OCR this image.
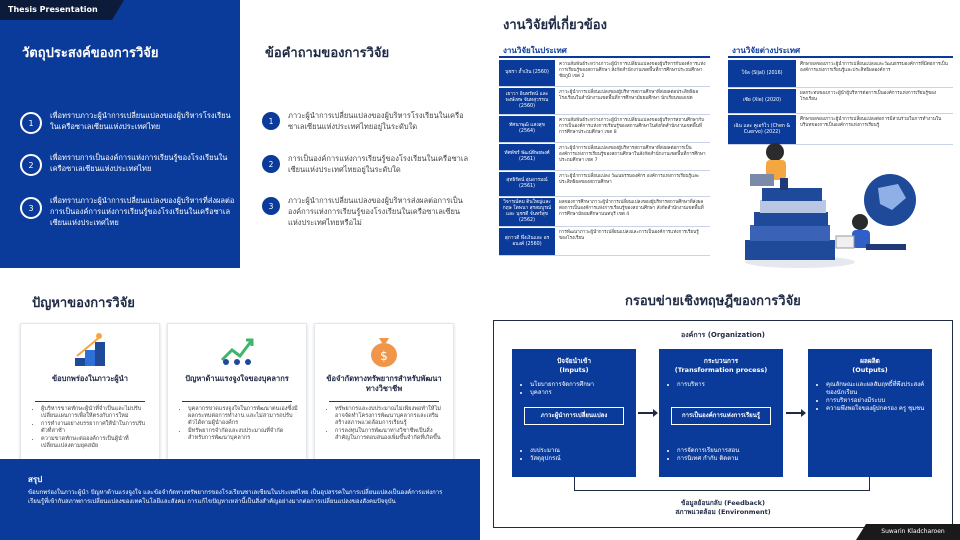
วัตถุประสงค์ของการวิจัย
1

เพื่อทราบภาวะผู้นำการเปลี่ยนแปลงของผู้บริหารโรงเรียนในเครือซาเลเซียนแห่งประเทศไทย

2

เพื่อทราบการเป็นองค์การแห่งการเรียนรู้ของโรงเรียนในเครือซาเลเซียนแห่งประเทศไทย

3

เพื่อทราบภาวะผู้นำการเปลี่ยนแปลงของผู้บริหารที่ส่งผลต่อการเป็นองค์การแห่งการเรียนรู้ของโรงเรียนในเครือซาเลเซียนแห่งประเทศไทย

Thesis Presentation
ข้อคำถามของการวิจัย
1

ภาวะผู้นำการเปลี่ยนแปลงของผู้บริหารโรงเรียนในเครือซาเลเซียนแห่งประเทศไทยอยู่ในระดับใด

2

การเป็นองค์การแห่งการเรียนรู้ของโรงเรียนในเครือซาเลเซียนแห่งประเทศไทยอยู่ในระดับใด

3

ภาวะผู้นำการเปลี่ยนแปลงของผู้บริหารส่งผลต่อการเป็นองค์การแห่งการเรียนรู้ของโรงเรียนในเครือซาเลเซียนแห่งประเทศไทยหรือไม่

งานวิจัยที่เกี่ยวข้อง
งานวิจัยในประเทศ	งานวิจัยต่างประเทศ
นุชรา ถ้ำเงิน (2560)
ความสัมพันธ์ระหว่างภาวะผู้นำการเปลี่ยนแปลงของผู้บริหารกับองค์การแห่งการเรียนรู้ของสถานศึกษา สังกัดสำนักงานเขตพื้นที่การศึกษาประถมศึกษาชัยภูมิ เขต 2
เยาวา อินทรัตน์ และ พงษ์เทพ จันทสุวรรณ (2560)
ภาวะผู้นำการเปลี่ยนแปลงของผู้บริหารสถานศึกษาที่ส่งผลต่อประสิทธิผลโรงเรียนในสำนักงานเขตพื้นที่การศึกษามัธยมศึกษา นักเรียนของเขต
ทัศนาพุฒิ แสงสุข (2564)
ความสัมพันธ์ระหว่างภาวะผู้นำการเปลี่ยนแปลงของผู้บริหารสถานศึกษากับการเป็นองค์การแห่งการเรียนรู้ของสถานศึกษาในสังกัดสำนักงานเขตพื้นที่การศึกษาประถมศึกษา เขต 8
ทัศพัชร์ พัฒน์ทิพยพงศ์ (2561)
ภาวะผู้นำการเปลี่ยนแปลงของผู้บริหารสถานศึกษาที่ส่งผลต่อการเป็นองค์การแห่งการเรียนรู้ของสถานศึกษาในสังกัดสำนักงานเขตพื้นที่การศึกษาประถมศึกษา เขต 7
สุทธิรัตน์ อุ่นอารมณ์ (2561)
ภาวะผู้นำการเปลี่ยนแปลง วัฒนธรรมองค์กร องค์การแห่งการเรียนรู้และประสิทธิผลของสถานศึกษา
วิจารณ์คม ดินใหญ่และกฤษ โตพนา สุรสมบูรณ์ และ นุชรดี จันทร์สุข (2562)
ผลของการศึกษาภาวะผู้นำการเปลี่ยนแปลงของผู้บริหารสถานศึกษาที่ส่งผลต่อการเป็นองค์การแห่งการเรียนรู้ของสถานศึกษา สังกัดสำนักงานเขตพื้นที่การศึกษามัธยมศึกษานนทบุรี เขต 4
สุภาวดี พึ่งเงินและ อรอนงค์ (2560)
การพัฒนาภาวะผู้นำการเปลี่ยนแปลงและการเป็นองค์การแห่งการเรียนรู้ของโรงเรียน
โจ้ล (Sijal) (2016)
ศึกษาผลของภาวะผู้นำการเปลี่ยนแปลงและวัฒนธรรมองค์การที่มีต่อการเป็นองค์การแห่งการเรียนรู้และประสิทธิผลองค์การ
เซีย (Xie) (2020)
ผลกระทบของภาวะผู้นำผู้บริหารต่อการเป็นองค์การแห่งการเรียนรู้ของโรงเรียน
เฉิน และ คูเอร์โว (Chen & Cuervo) (2022)
ศึกษาผลของภาวะผู้นำการเปลี่ยนแปลงต่อการมีส่วนร่วมในการทำงานในบริบทของการเป็นองค์การแห่งการเรียนรู้
ปัญหาของการวิจัย
ข้อบกพร่องในภาวะผู้นำ
• ผู้บริหารขาดทักษะผู้นำที่จำเป็นและไม่ปรับเปลี่ยนแผนการเพื่อให้ตรงกับการใหม่
• การทำงานอย่างบรรยากาศให้นำในการปรับตัวที่ล่าช้า
• ความขาดทักษะต่อองค์การเป็นผู้นำที่เปลี่ยนแปลงตามยุคสมัย
ปัญหาด้านแรงจูงใจของบุคลากร
• บุคลากรขาดแรงจูงใจในการพัฒนาตนเองซึ่งมีผลกระทบต่อการทำงาน และไม่สามารถปรับตัวได้ตามผู้นำองค์กร
• มีทรัพยากรจำกัดและงบประมาณที่จำกัดสำหรับการพัฒนาบุคลากร
$
ข้อจำกัดทางทรัพยากรสำหรับพัฒนาทางวิชาชีพ
• ทรัพยากรและงบประมาณไม่เพียงพอทำให้ไม่อาจจัดทำโครงการพัฒนาบุคลากรและเสริมสร้างสภาพแวดล้อมการเรียนรู้
• การลงทุนในการพัฒนาทางวิชาชีพเป็นสิ่งสำคัญในการตอบสนองเพิ่มขึ้นจำกัดที่เกิดขึ้น
สรุป

ข้อบกพร่องในภาวะผู้นำ ปัญหาด้านแรงจูงใจ และข้อจำกัดทางทรัพยากรของโรงเรียนซาเลเซียนในประเทศไทย เป็นอุปสรรคในการเปลี่ยนแปลงเป็นองค์การแห่งการเรียนรู้ที่เข้ากับสภาพการเปลี่ยนแปลงของเทคโนโลยีและสังคม การแก้ไขปัญหาเหล่านี้เป็นสิ่งสำคัญอย่างมากต่อการเปลี่ยนแปลงของสังคมปัจจุบัน

กรอบข่ายเชิงทฤษฎีของการวิจัย
องค์การ (Organization)
ปัจจัยนำเข้า
(Inputs)
• นโยบายการจัดการศึกษา
• บุคลากร
ภาวะผู้นำการเปลี่ยนแปลง
• งบประมาณ
• วัสดุอุปกรณ์
กระบวนการ
(Transformation process)
• การบริหาร
การเป็นองค์การแห่งการเรียนรู้
• การจัดการเรียนการสอน
• การนิเทศ กำกับ ติดตาม
ผลผลิต
(Outputs)
• คุณลักษณะและผลสัมฤทธิ์ที่พึงประสงค์ของนักเรียน
• การบริหารอย่างมีระบบ
• ความพึงพอใจของผู้ปกครอง ครู ชุมชน
ข้อมูลย้อนกลับ (Feedback)
สภาพแวดล้อม (Environment)
Suwarin Kladcharoen
